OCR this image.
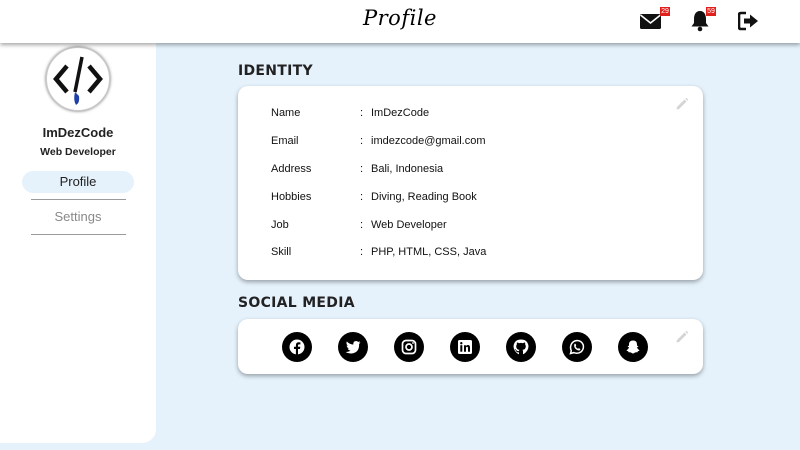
Profile	29	59
ImDezCode
Web Developer
Profile
Settings
IDENTITY
Name	: ImDezCode
Email	: imdezcode@gmail.com
Address	: Bali, Indonesia
Hobbies	: Diving, Reading Book
Job	: Web Developer
Skill	: PHP, HTML, CSS, Java
SOCIAL MEDIA
